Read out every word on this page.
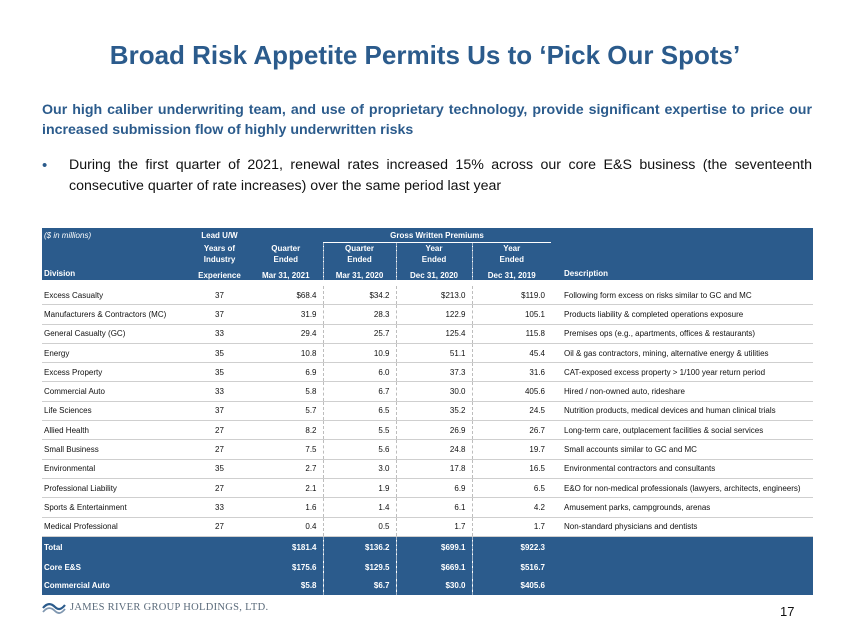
Broad Risk Appetite Permits Us to ‘Pick Our Spots’
Our high caliber underwriting team, and use of proprietary technology, provide significant expertise to price our increased submission flow of highly underwritten risks
• During the first quarter of 2021, renewal rates increased 15% across our core E&S business (the seventeenth consecutive quarter of rate increases) over the same period last year
($ in millions)	Lead U/W		Gross Written Premiums			
	Years of	Quarter	Quarter	Year	Year	
	Industry	Ended	Ended	Ended	Ended	
Division	Experience	Mar 31, 2021	Mar 31, 2020	Dec 31, 2020	Dec 31, 2019	Description
Excess Casualty	37	$68.4	$34.2	$213.0	$119.0	Following form excess on risks similar to GC and MC
Manufacturers & Contractors (MC)	37	31.9	28.3	122.9	105.1	Products liability & completed operations exposure
General Casualty (GC)	33	29.4	25.7	125.4	115.8	Premises ops (e.g., apartments, offices & restaurants)
Energy	35	10.8	10.9	51.1	45.4	Oil & gas contractors, mining, alternative energy & utilities
Excess Property	35	6.9	6.0	37.3	31.6	CAT-exposed excess property > 1/100 year return period
Commercial Auto	33	5.8	6.7	30.0	405.6	Hired / non-owned auto, rideshare
Life Sciences	37	5.7	6.5	35.2	24.5	Nutrition products, medical devices and human clinical trials
Allied Health	27	8.2	5.5	26.9	26.7	Long-term care, outplacement facilities & social services
Small Business	27	7.5	5.6	24.8	19.7	Small accounts similar to GC and MC
Environmental	35	2.7	3.0	17.8	16.5	Environmental contractors and consultants
Professional Liability	27	2.1	1.9	6.9	6.5	E&O for non-medical professionals (lawyers, architects, engineers)
Sports & Entertainment	33	1.6	1.4	6.1	4.2	Amusement parks, campgrounds, arenas
Medical Professional	27	0.4	0.5	1.7	1.7	Non-standard physicians and dentists
Total		$181.4	$136.2	$699.1	$922.3	
Core E&S		$175.6	$129.5	$669.1	$516.7	
Commercial Auto		$5.8	$6.7	$30.0	$405.6	
JAMES RIVER GROUP HOLDINGS, LTD.	17
